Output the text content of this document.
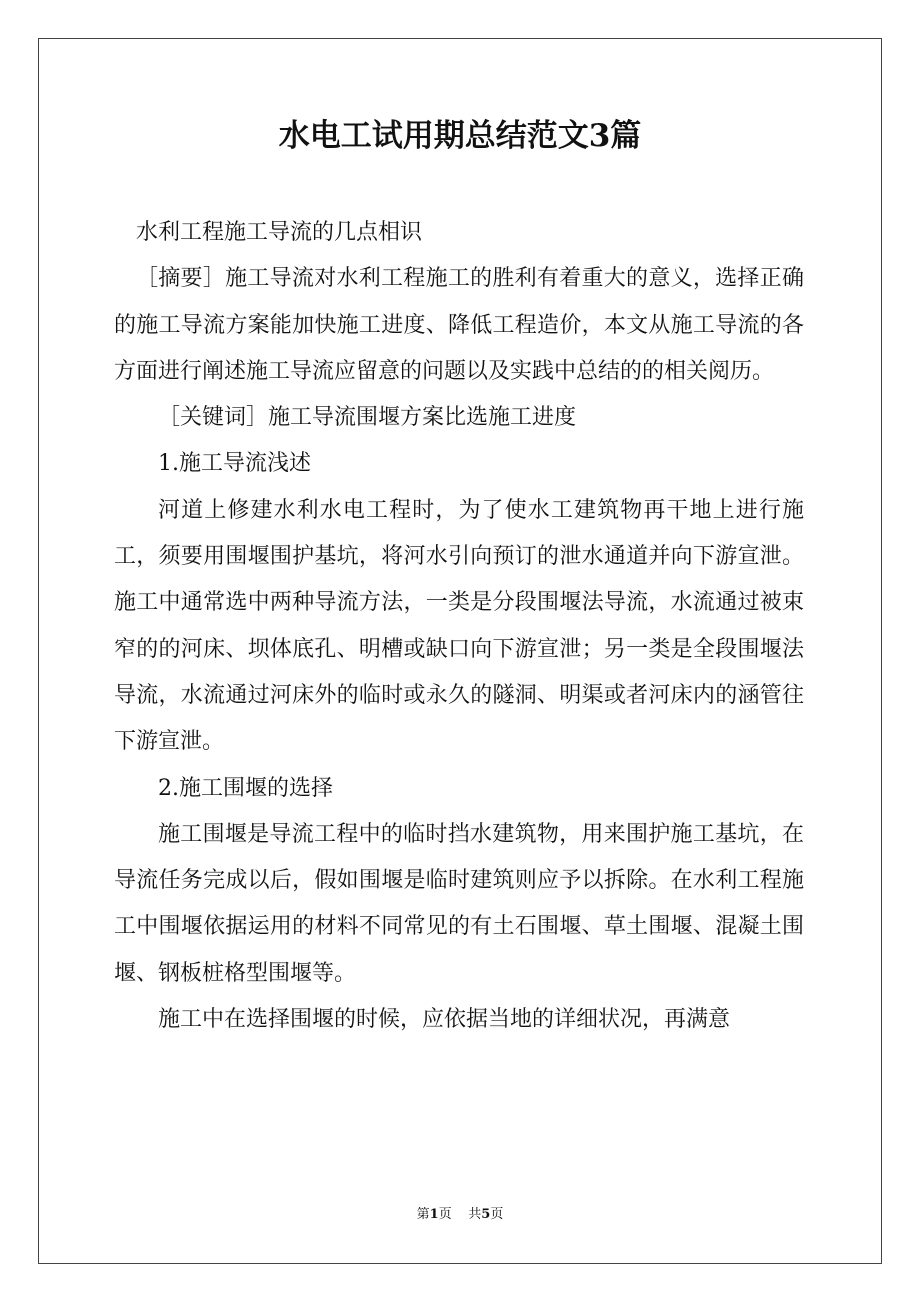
水电工试用期总结范文3篇

水利工程施工导流的几点相识

［摘要］施工导流对水利工程施工的胜利有着重大的意义，选择正确的施工导流方案能加快施工进度、降低工程造价，本文从施工导流的各方面进行阐述施工导流应留意的问题以及实践中总结的的相关阅历。

［关键词］施工导流围堰方案比选施工进度

1.施工导流浅述

河道上修建水利水电工程时，为了使水工建筑物再干地上进行施工，须要用围堰围护基坑，将河水引向预订的泄水通道并向下游宣泄。施工中通常选中两种导流方法，一类是分段围堰法导流，水流通过被束窄的的河床、坝体底孔、明槽或缺口向下游宣泄；另一类是全段围堰法导流，水流通过河床外的临时或永久的隧洞、明渠或者河床内的涵管往下游宣泄。

2.施工围堰的选择

施工围堰是导流工程中的临时挡水建筑物，用来围护施工基坑，在导流任务完成以后，假如围堰是临时建筑则应予以拆除。在水利工程施工中围堰依据运用的材料不同常见的有土石围堰、草土围堰、混凝土围堰、钢板桩格型围堰等。

施工中在选择围堰的时候，应依据当地的详细状况，再满意

第1页 共5页
